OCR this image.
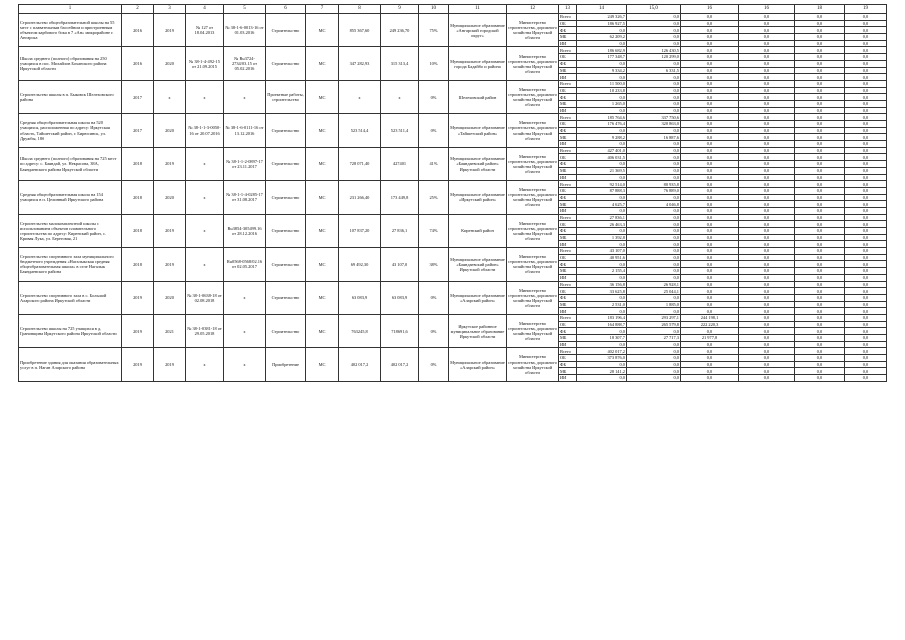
1	2	3	4	5	6	7	8	9	10	11	12	13	14	15,0	16	16	18	19
Строительство общеобразовательной школы на 55 мест с плавательным бассейном и пристроенным объектом карбового бока в 7 «Ан» микрорайоне г. Ангарска	2016	2019	№ 127 от 18.04.2013	№ 38-1-6-0013-16 от 01.03.2016	Строительство	МС	855 367,60	249 236,70	75%	Муниципальное образование «Ангарский городской округ»	Министерство строительства, дорожного хозяйства Иркутской области	Всего	249 326,7	0,0	0,0	0,0	0,0	0,0
												ОБ	186 927,5	0,0	0,0	0,0	0,0	0,0
												ФБ	0,0	0,0	0,0	0,0	0,0	0,0
												МБ	62 209,2	0,0	0,0	0,0	0,0	0,0
												ИИ	0,0	0,0	0,0	0,0	0,0	0,0
Школа среднего (полного) образования на 250 учащихся в пос. Михайлов Боханского района Иркутской области	2016	2020	№ 38-1-4-492-15 от 21.09.2015	№ Ru3724-2734/03.15 от 05.02.2016	Строительство	МС	347 282,93	315 313,4	10%	Муниципальное образование города Бадайбо и района	Министерство строительства, дорожного хозяйства Иркутской области	Всего	186 682,9	126 430,5	0,0	0,0	0,0	0,0
												ОБ	177 348,7	120 299,0	0,0	0,0	0,0	0,0
												ФБ	0,0	0,0	0,0	0,0	0,0	0,0
												МБ	9 334,2	6 331,5	0,0	0,0	0,0	0,0
												ИИ	0,0	0,0	0,0	0,0	0,0	0,0
Строительство школы в п. Быковск Шелеховского района	2017	х	х	х	Проектные работы, строительство	МС	х	х	0%	Шелеховский район	Министерство строительства, дорожного хозяйства Иркутской области	Всего	11 500,0	0,0	0,0	0,0	0,0	0,0
												ОБ	10 233,8	0,0	0,0	0,0	0,0	0,0
												ФБ	0,0	0,0	0,0	0,0	0,0	0,0
												МБ	1 265,0	0,0	0,0	0,0	0,0	0,0
												ИИ	0,0	0,0	0,0	0,0	0,0	0,0
Средняя общеобразовательная школа на 520 учащихся, расположенная по адресу: Иркутская область, Тайшетский район, г. Бирюсинск, ул. Дружбы, 18б	2017	2020	№ 38-1-1-3-0050-16 от 20.07.2016	№ 38-1-6-0111-16 от 13.12.2016	Строительство	МС	523 514,4	523 511,4	0%	Муниципальное образование «Тайшетский район»	Министерство строительства, дорожного хозяйства Иркутской области	Всего	185 764,6	337 750,6	0,0	0,0	0,0	0,0
												ОБ	176 476,4	320 863,0	0,0	0,0	0,0	0,0
												ФБ	0,0	0,0	0,0	0,0	0,0	0,0
												МБ	9 288,2	16 887,6	0,0	0,0	0,0	0,0
												ИИ	0,0	0,0	0,0	0,0	0,0	0,0
Школа среднего (полного) образования на 725 мест по адресу: с. Баяндай, ул. Некрасова, 38А, Баяндаевского района Иркутской области	2018	2019	х	№ 38-1-1-2-0897-17 от 23.11.2017	Строительство	МС	728 071,40	427401	41%	Муниципальное образование «Баяндаевский район» Иркутской области	Министерство строительства, дорожного хозяйства Иркутской области	Всего	427 401,0	0,0	0,0	0,0	0,0	0,0
												ОБ	406 031,5	0,0	0,0	0,0	0,0	0,0
												ФБ	0,0	0,0	0,0	0,0	0,0	0,0
												МБ	21 369,5	0,0	0,0	0,0	0,0	0,0
												ИИ	0,0	0,0	0,0	0,0	0,0	0,0
Средняя общеобразовательная школа на 154 учащихся в п. Целинный Иркутского района	2018	2020	х	№ 38-1-1-4-0285-17 от 31.08.2017	Строительство	МС	231 266,40	173 449,8	25%	Муниципальное образование «Иркутский район»	Министерство строительства, дорожного хозяйства Иркутской области	Всего	92 514,0	80 935,8	0,0	0,0	0,0	0,0
												ОБ	87 888,3	76 889,0	0,0	0,0	0,0	0,0
												ФБ	0,0	0,0	0,0	0,0	0,0	0,0
												МБ	4 625,7	4 046,8	0,0	0,0	0,0	0,0
												ИИ	0,0	0,0	0,0	0,0	0,0	0,0
Строительство малокомплектной школы с использованием объектов плавательного строительства по адресу: Киренский район, с. Кривая Лука, ул. Береговая, 21	2018	2019	х	Ru3854-305499.16 от 28.12.2016	Строительство	МС	107 837,20	27 836,1	74%	Киренский район	Министерство строительства, дорожного хозяйства Иркутской области	Всего	27 836,1	0,0	0,0	0,0	0,0	0,0
												ОБ	26 463,3	0,0	0,0	0,0	0,0	0,0
												ФБ	0,0	0,0	0,0	0,0	0,0	0,0
												МБ	1 392,8	0,0	0,0	0,0	0,0	0,0
												ИИ	0,0	0,0	0,0	0,0	0,0	0,0
Строительство спортивного зала муниципального бюджетного учреждения «Нагалыкская средняя общеобразовательная школа» в селе Нагалык Баяндаевского района	2018	2019	х	Ru0568-0568/02.16 от 02.05.2017	Строительство	МС	69 492,30	43 107,0	38%	Муниципальное образование «Баяндаевский район» Иркутской области	Министерство строительства, дорожного хозяйства Иркутской области	Всего	43 107,0	0,0	0,0	0,0	0,0	0,0
												ОБ	40 951,6	0,0	0,0	0,0	0,0	0,0
												ФБ	0,0	0,0	0,0	0,0	0,0	0,0
												МБ	2 155,4	0,0	0,0	0,0	0,0	0,0
												ИИ	0,0	0,0	0,0	0,0	0,0	0,0
Строительство спортивного зала в с. Большой Аларского района Иркутской области	2019	2020	№ 38-1-0638-18 от 02.08.2018	х	Строительство	МС	63 083,9	63 083,9	0%	Муниципальное образование «Аларский район»	Министерство строительства, дорожного хозяйства Иркутской области	Всего	36 156,8	26 928,1	0,0	0,0	0,0	0,0
												ОБ	33 625,8	25 044,1	0,0	0,0	0,0	0,0
												ФБ	0,0	0,0	0,0	0,0	0,0	0,0
												МБ	2 531,0	1 885,0	0,0	0,0	0,0	0,0
												ИИ	0,0	0,0	0,0	0,0	0,0	0,0
Строительство школы на 725 учащихся в д. Грановщина Иркутского района Иркутской области	2019	2021	№ 38-1-0381-18 от 29.05.2018	х	Строительство	МС	763245,8	718691,6	0%	Иркутское районное муниципальное образование Иркутской области	Министерство строительства, дорожного хозяйства Иркутской области	Всего	183 196,4	293 297,1	244 198,1	0,0	0,0	0,0
												ОБ	164 888,7	265 579,8	222 220,3	0,0	0,0	0,0
												ФБ	0,0	0,0	0,0	0,0	0,0	0,0
												МБ	18 307,7	27 717,3	21 977,8	0,0	0,0	0,0
												ИИ	0,0	0,0	0,0	0,0	0,0	0,0
Приобретение здания для оказания образовательных услуг в п. Наган Аларского района	2019	2019	х	х	Приобретение	МС	402 017,2	402 017,2	0%	Муниципальное образование «Аларский район»	Министерство строительства, дорожного хозяйства Иркутской области	Всего	402 017,2	0,0	0,0	0,0	0,0	0,0
												ОБ	373 876,0	0,0	0,0	0,0	0,0	0,0
												ФБ	0,0	0,0	0,0	0,0	0,0	0,0
												МБ	28 141,2	0,0	0,0	0,0	0,0	0,0
												ИИ	0,0	0,0	0,0	0,0	0,0	0,0
